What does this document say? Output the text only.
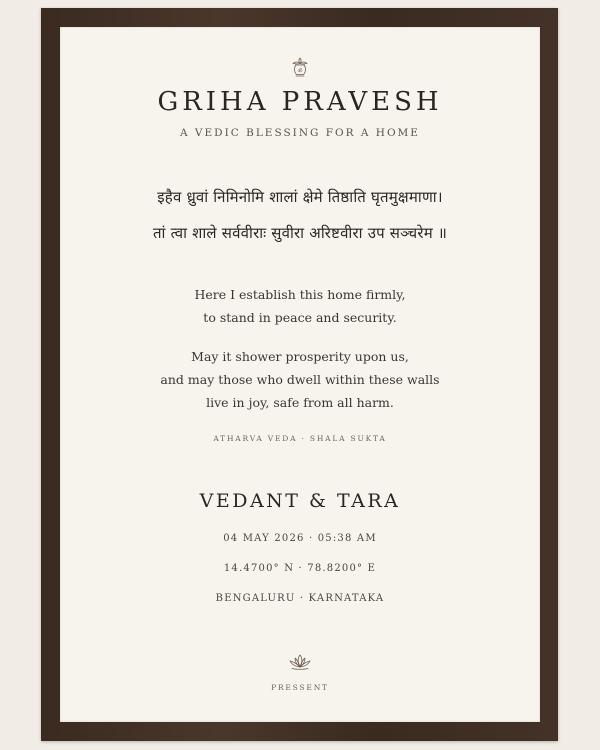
ॐ
GRIHA PRAVESH
A VEDIC BLESSING FOR A HOME
इहैव ध्रुवां निमिनोमि शालां क्षेमे तिष्ठाति घृतमुक्षमाणा।
तां त्वा शाले सर्ववीराः सुवीरा अरिष्टवीरा उप सञ्चरेम ॥
Here I establish this home firmly,
to stand in peace and security.
May it shower prosperity upon us,
and may those who dwell within these walls
live in joy, safe from all harm.
ATHARVA VEDA · SHALA SUKTA
VEDANT & TARA
04 MAY 2026 · 05:38 AM
14.4700° N · 78.8200° E
BENGALURU · KARNATAKA
PRESSENT
